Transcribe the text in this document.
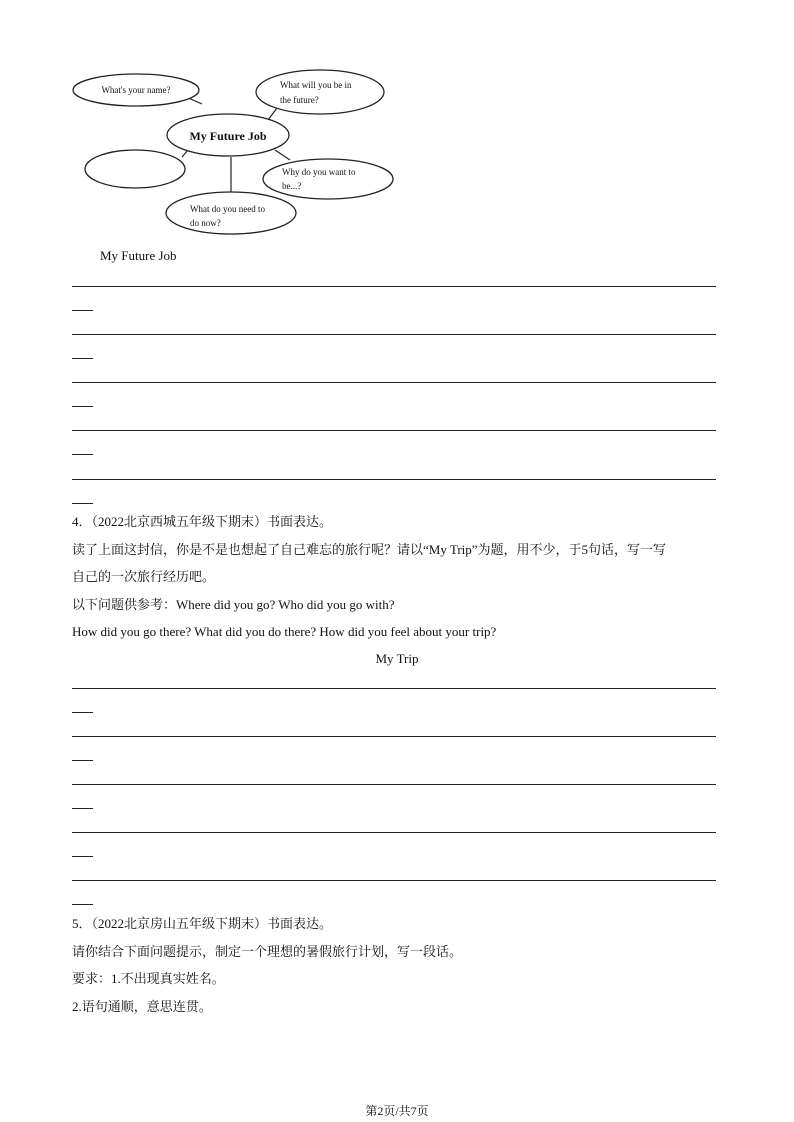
What's your name?	What will you be in
the future?
My Future Job
Why do you want to
be...?
What do you need to
do now?
My Future Job
4．（2022北京西城五年级下期末）书面表达。
读了上面这封信，你是不是也想起了自己难忘的旅行呢？请以“My Trip”为题，用不少，于5句话，写一写
自己的一次旅行经历吧。
以下问题供参考：Where did you go? Who did you go with?
How did you go there? What did you do there? How did you feel about your trip?
My Trip
5．（2022北京房山五年级下期末）书面表达。
请你结合下面问题提示，制定一个理想的暑假旅行计划，写一段话。
要求：1.不出现真实姓名。
2.语句通顺，意思连贯。
第2页/共7页
